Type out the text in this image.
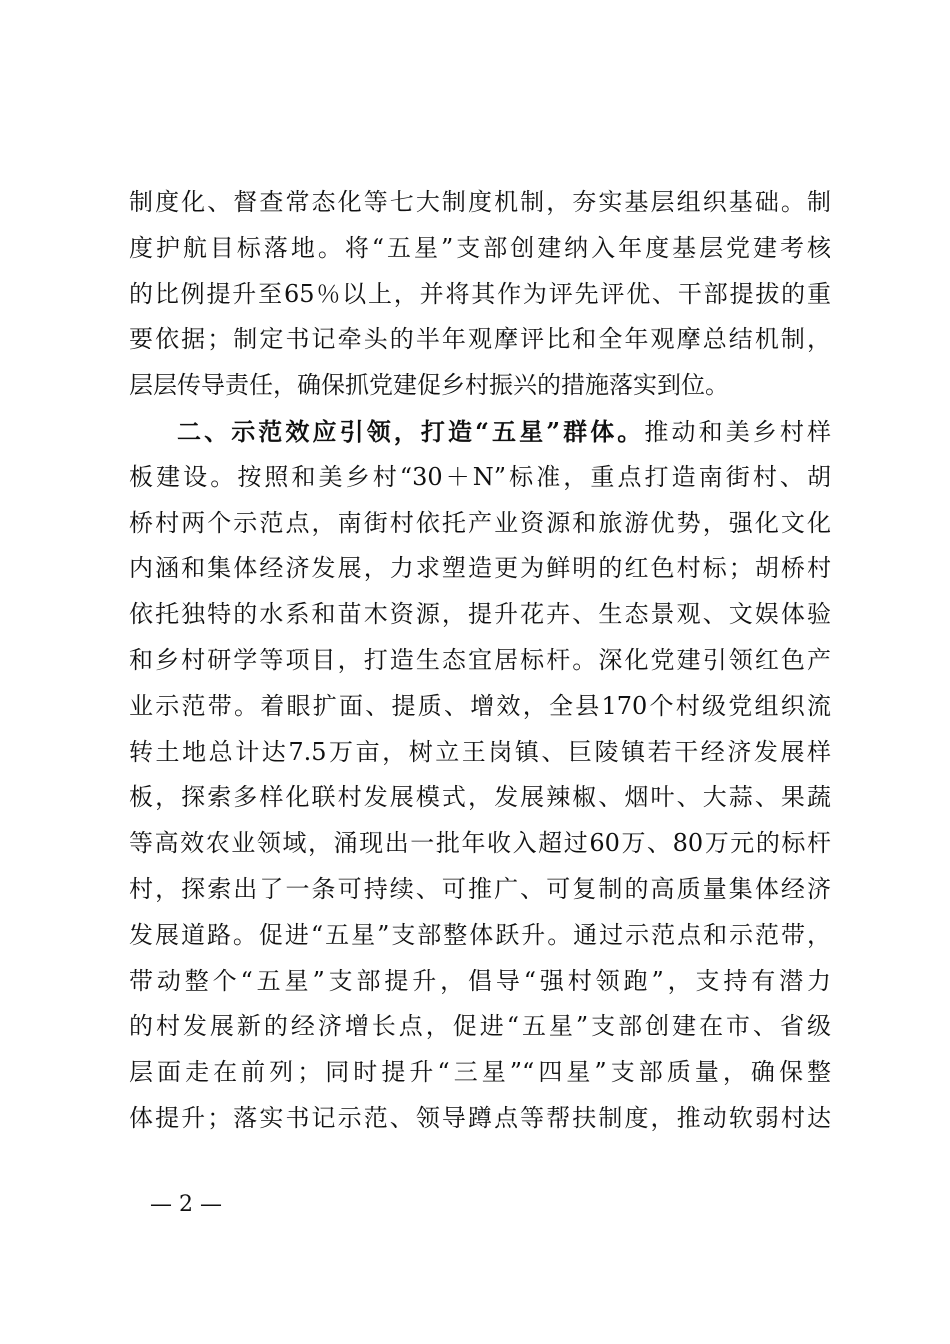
制度化、督查常态化等七大制度机制，夯实基层组织基础。制
度护航目标落地。将“五星”支部创建纳入年度基层党建考核
的比例提升至65％以上，并将其作为评先评优、干部提拔的重
要依据；制定书记牵头的半年观摩评比和全年观摩总结机制，
层层传导责任，确保抓党建促乡村振兴的措施落实到位。
二、示范效应引领，打造“五星”群体。推动和美乡村样
板建设。按照和美乡村“30＋N”标准，重点打造南街村、胡
桥村两个示范点，南街村依托产业资源和旅游优势，强化文化
内涵和集体经济发展，力求塑造更为鲜明的红色村标；胡桥村
依托独特的水系和苗木资源，提升花卉、生态景观、文娱体验
和乡村研学等项目，打造生态宜居标杆。深化党建引领红色产
业示范带。着眼扩面、提质、增效，全县170个村级党组织流
转土地总计达7.5万亩，树立王岗镇、巨陵镇若干经济发展样
板，探索多样化联村发展模式，发展辣椒、烟叶、大蒜、果蔬
等高效农业领域，涌现出一批年收入超过60万、80万元的标杆
村，探索出了一条可持续、可推广、可复制的高质量集体经济
发展道路。促进“五星”支部整体跃升。通过示范点和示范带，
带动整个“五星”支部提升，倡导“强村领跑”，支持有潜力
的村发展新的经济增长点，促进“五星”支部创建在市、省级
层面走在前列；同时提升“三星”“四星”支部质量，确保整
体提升；落实书记示范、领导蹲点等帮扶制度，推动软弱村达
— 2 —
